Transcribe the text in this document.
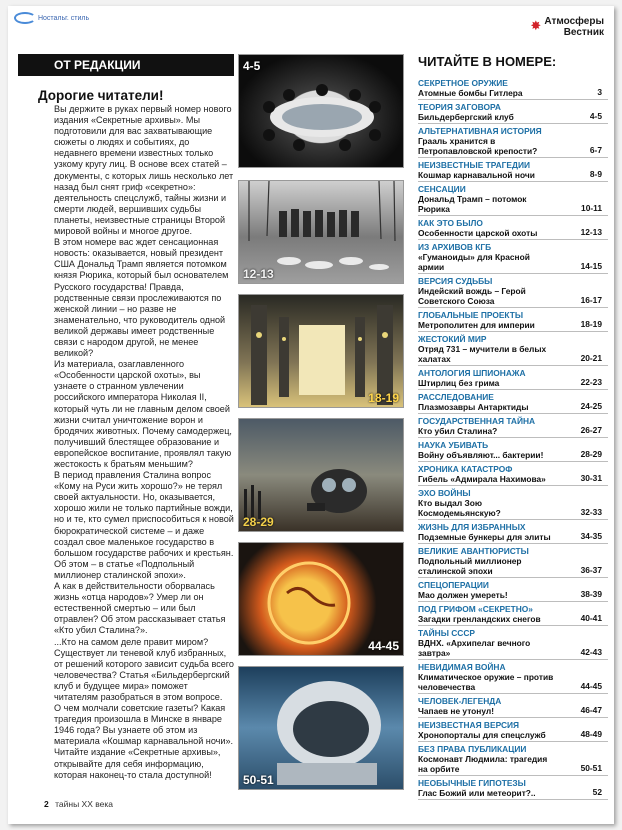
Ностальг. стиль	✸ Атмосферы
Вестник
ОТ РЕДАКЦИИ
Дорогие читатели!

Вы держите в руках первый номер нового издания «Секретные архивы». Мы подготовили для вас захватывающие сюжеты о людях и событиях, до недавнего времени известных только узкому кругу лиц. В основе всех статей – документы, с которых лишь несколько лет назад был снят гриф «секретно»: деятельность спецслужб, тайны жизни и смерти людей, вершивших судьбы планеты, неизвестные страницы Второй мировой войны и многое другое.

В этом номере вас ждет сенсационная новость: оказывается, новый президент США Дональд Трамп является потомком князя Рюрика, который был основателем Русского государства! Правда, родственные связи прослеживаются по женской линии – но разве не знаменательно, что руководитель одной великой державы имеет родственные связи с народом другой, не менее великой?

Из материала, озаглавленного «Особенности царской охоты», вы узнаете о странном увлечении российского императора Николая II, который чуть ли не главным делом своей жизни считал уничтожение ворон и бродячих животных. Почему самодержец, получивший блестящее образование и европейское воспитание, проявлял такую жестокость к братьям меньшим?

В период правления Сталина вопрос «Кому на Руси жить хорошо?» не терял своей актуальности. Но, оказывается, хорошо жили не только партийные вожди, но и те, кто сумел приспособиться к новой бюрократической системе – и даже создал свое маленькое государство в большом государстве рабочих и крестьян. Об этом – в статье «Подпольный миллионер сталинской эпохи».

А как в действительности оборвалась жизнь «отца народов»? Умер ли он естественной смертью – или был отравлен? Об этом рассказывает статья «Кто убил Сталина?».

...Кто на самом деле правит миром? Существует ли теневой клуб избранных, от решений которого зависит судьба всего человечества? Статья «Бильдербергский клуб и будущее мира» поможет читателям разобраться в этом вопросе.

О чем молчали советские газеты? Какая трагедия произошла в Минске в январе 1946 года? Вы узнаете об этом из материала «Кошмар карнавальной ночи».

Читайте издание «Секретные архивы», открывайте для себя информацию, которая наконец-то стала доступной!

4-5
12-13
18-19
28-29
44-45
50-51
ЧИТАЙТЕ В НОМЕРЕ:
СЕКРЕТНОЕ ОРУЖИЕ
Атомные бомбы Гитлера	3
ТЕОРИЯ ЗАГОВОРА
Бильдербергский клуб	4-5
АЛЬТЕРНАТИВНАЯ ИСТОРИЯ
Грааль хранится в Петропавловской крепости?	6-7
НЕИЗВЕСТНЫЕ ТРАГЕДИИ
Кошмар карнавальной ночи	8-9
СЕНСАЦИИ
Дональд Трамп – потомок Рюрика	10-11
КАК ЭТО БЫЛО
Особенности царской охоты	12-13
ИЗ АРХИВОВ КГБ
«Гуманоиды» для Красной армии	14-15
ВЕРСИЯ СУДЬБЫ
Индейский вождь – Герой Советского Союза	16-17
ГЛОБАЛЬНЫЕ ПРОЕКТЫ
Метрополитен для империи	18-19
ЖЕСТОКИЙ МИР
Отряд 731 – мучители в белых халатах	20-21
АНТОЛОГИЯ ШПИОНАЖА
Штирлиц без грима	22-23
РАССЛЕДОВАНИЕ
Плазмозавры Антарктиды	24-25
ГОСУДАРСТВЕННАЯ ТАЙНА
Кто убил Сталина?	26-27
НАУКА УБИВАТЬ
Войну объявляют... бактерии!	28-29
ХРОНИКА КАТАСТРОФ
Гибель «Адмирала Нахимова»	30-31
ЭХО ВОЙНЫ
Кто выдал Зою Космодемьянскую?	32-33
ЖИЗНЬ ДЛЯ ИЗБРАННЫХ
Подземные бункеры для элиты	34-35
ВЕЛИКИЕ АВАНТЮРИСТЫ
Подпольный миллионер сталинской эпохи	36-37
СПЕЦОПЕРАЦИИ
Мао должен умереть!	38-39
ПОД ГРИФОМ «СЕКРЕТНО»
Загадки гренландских снегов	40-41
ТАЙНЫ СССР
ВДНХ. «Архипелаг вечного завтра»	42-43
НЕВИДИМАЯ ВОЙНА
Климатическое оружие – против человечества	44-45
ЧЕЛОВЕК-ЛЕГЕНДА
Чапаев не утонул!	46-47
НЕИЗВЕСТНАЯ ВЕРСИЯ
Хронопорталы для спецслужб	48-49
БЕЗ ПРАВА ПУБЛИКАЦИИ
Космонавт Людмила: трагедия на орбите	50-51
НЕОБЫЧНЫЕ ГИПОТЕЗЫ
Глас Божий или метеорит?..	52
2 тайны XX века
